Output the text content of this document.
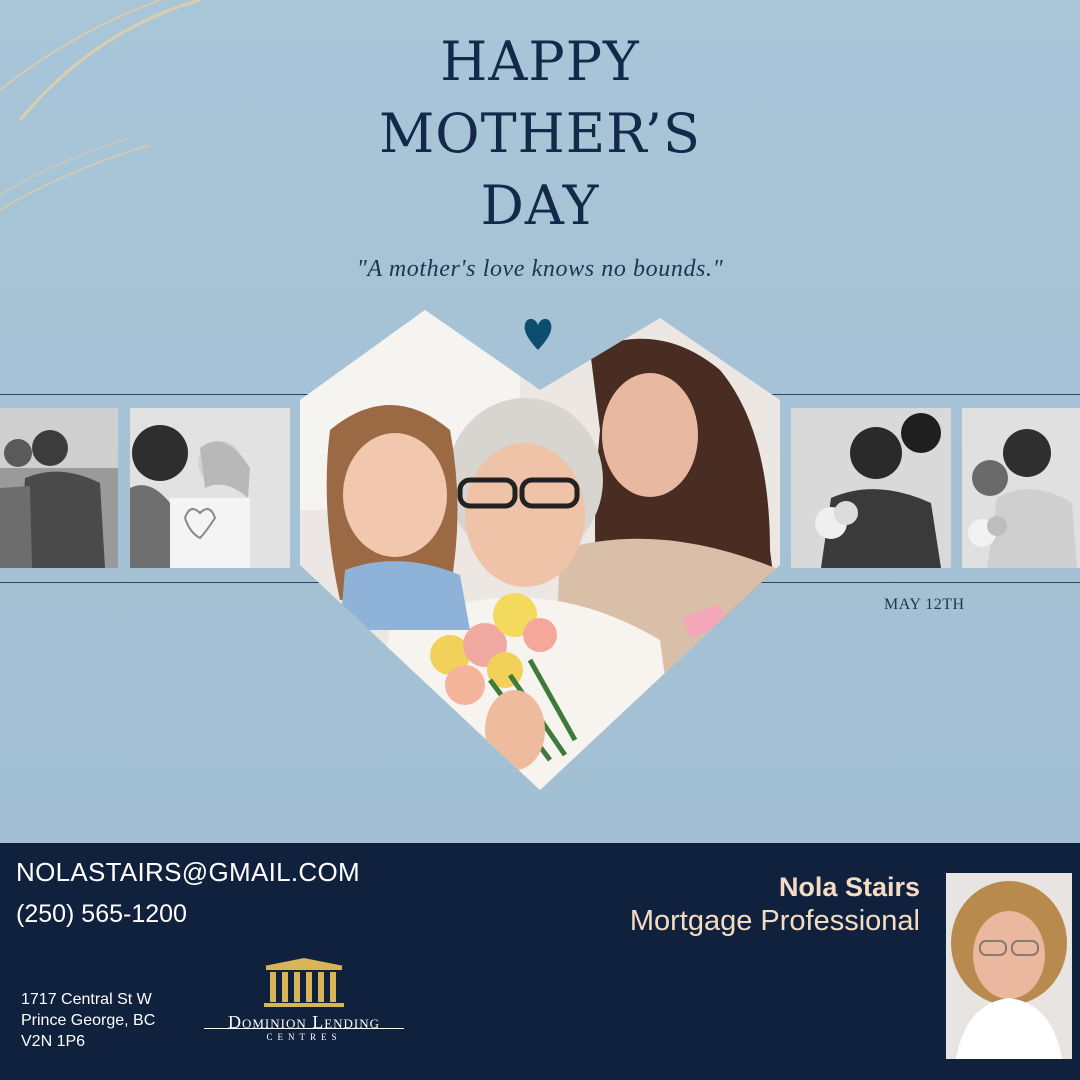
HAPPY
MOTHER’S
DAY
"A mother's love knows no bounds."
MAY 12TH
NOLASTAIRS@GMAIL.COM
(250) 565-1200
1717 Central St W
Prince George, BC
V2N 1P6
Dominion Lending
CENTRES
Nola Stairs
Mortgage Professional
